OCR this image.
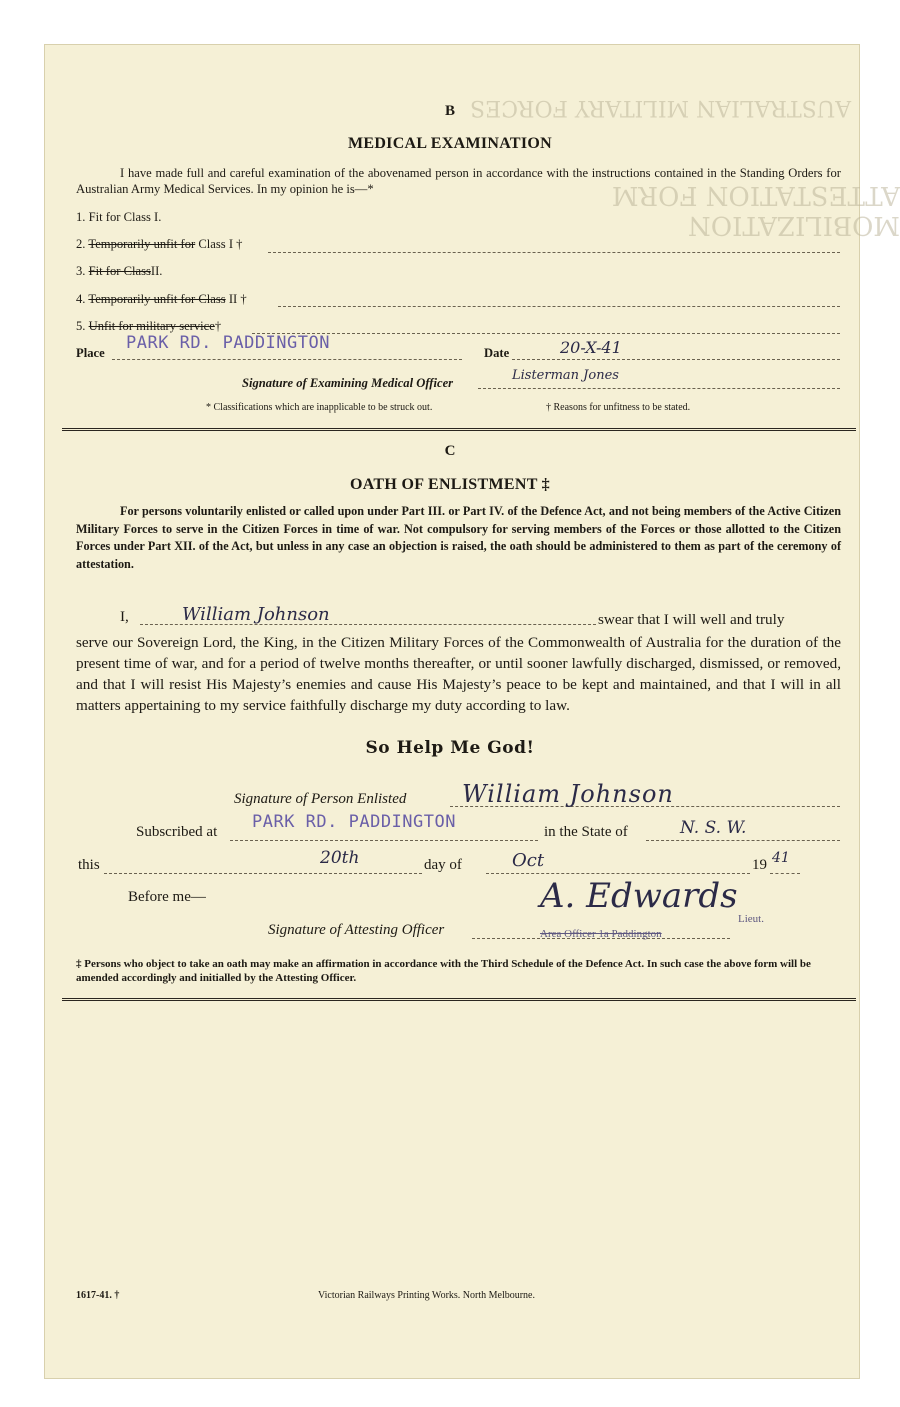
AUSTRALIAN MILITARY FORCES
MOBILIZATION ATTESTATION FORM
B
MEDICAL EXAMINATION
I have made full and careful examination of the abovenamed person in accordance with the instructions contained in the Standing Orders for Australian Army Medical Services. In my opinion he is—*
1. Fit for Class I.
2. Temporarily unfit for Class I †
3. Fit for ClassII.
4. Temporarily unfit for Class II †
5. Unfit for military service†
Place PARK RD. PADDINGTON	Date	20-X-41
Signature of Examining Medical Officer	Listerman Jones
* Classifications which are inapplicable to be struck out.	† Reasons for unfitness to be stated.
C
OATH OF ENLISTMENT ‡
For persons voluntarily enlisted or called upon under Part III. or Part IV. of the Defence Act, and not being members of the Active Citizen Military Forces to serve in the Citizen Forces in time of war. Not compulsory for serving members of the Forces or those allotted to the Citizen Forces under Part XII. of the Act, but unless in any case an objection is raised, the oath should be administered to them as part of the ceremony of attestation.
I,	William Johnson	swear that I will well and truly
serve our Sovereign Lord, the King, in the Citizen Military Forces of the Commonwealth of Australia for the duration of the present time of war, and for a period of twelve months thereafter, or until sooner lawfully discharged, dismissed, or removed, and that I will resist His Majesty’s enemies and cause His Majesty’s peace to be kept and maintained, and that I will in all matters appertaining to my service faithfully discharge my duty according to law.
So Help Me God!
Signature of Person Enlisted William Johnson
Subscribed at PARK RD. PADDINGTON	in the State of	N. S. W.
this	20th	day of	Oct	19 41
Before me—
Signature of Attesting Officer
A. Edwards
Lieut.
Area Officer 1a Paddington
‡ Persons who object to take an oath may make an affirmation in accordance with the Third Schedule of the Defence Act. In such case the above form will be amended accordingly and initialled by the Attesting Officer.
1617-41. †	Victorian Railways Printing Works. North Melbourne.
